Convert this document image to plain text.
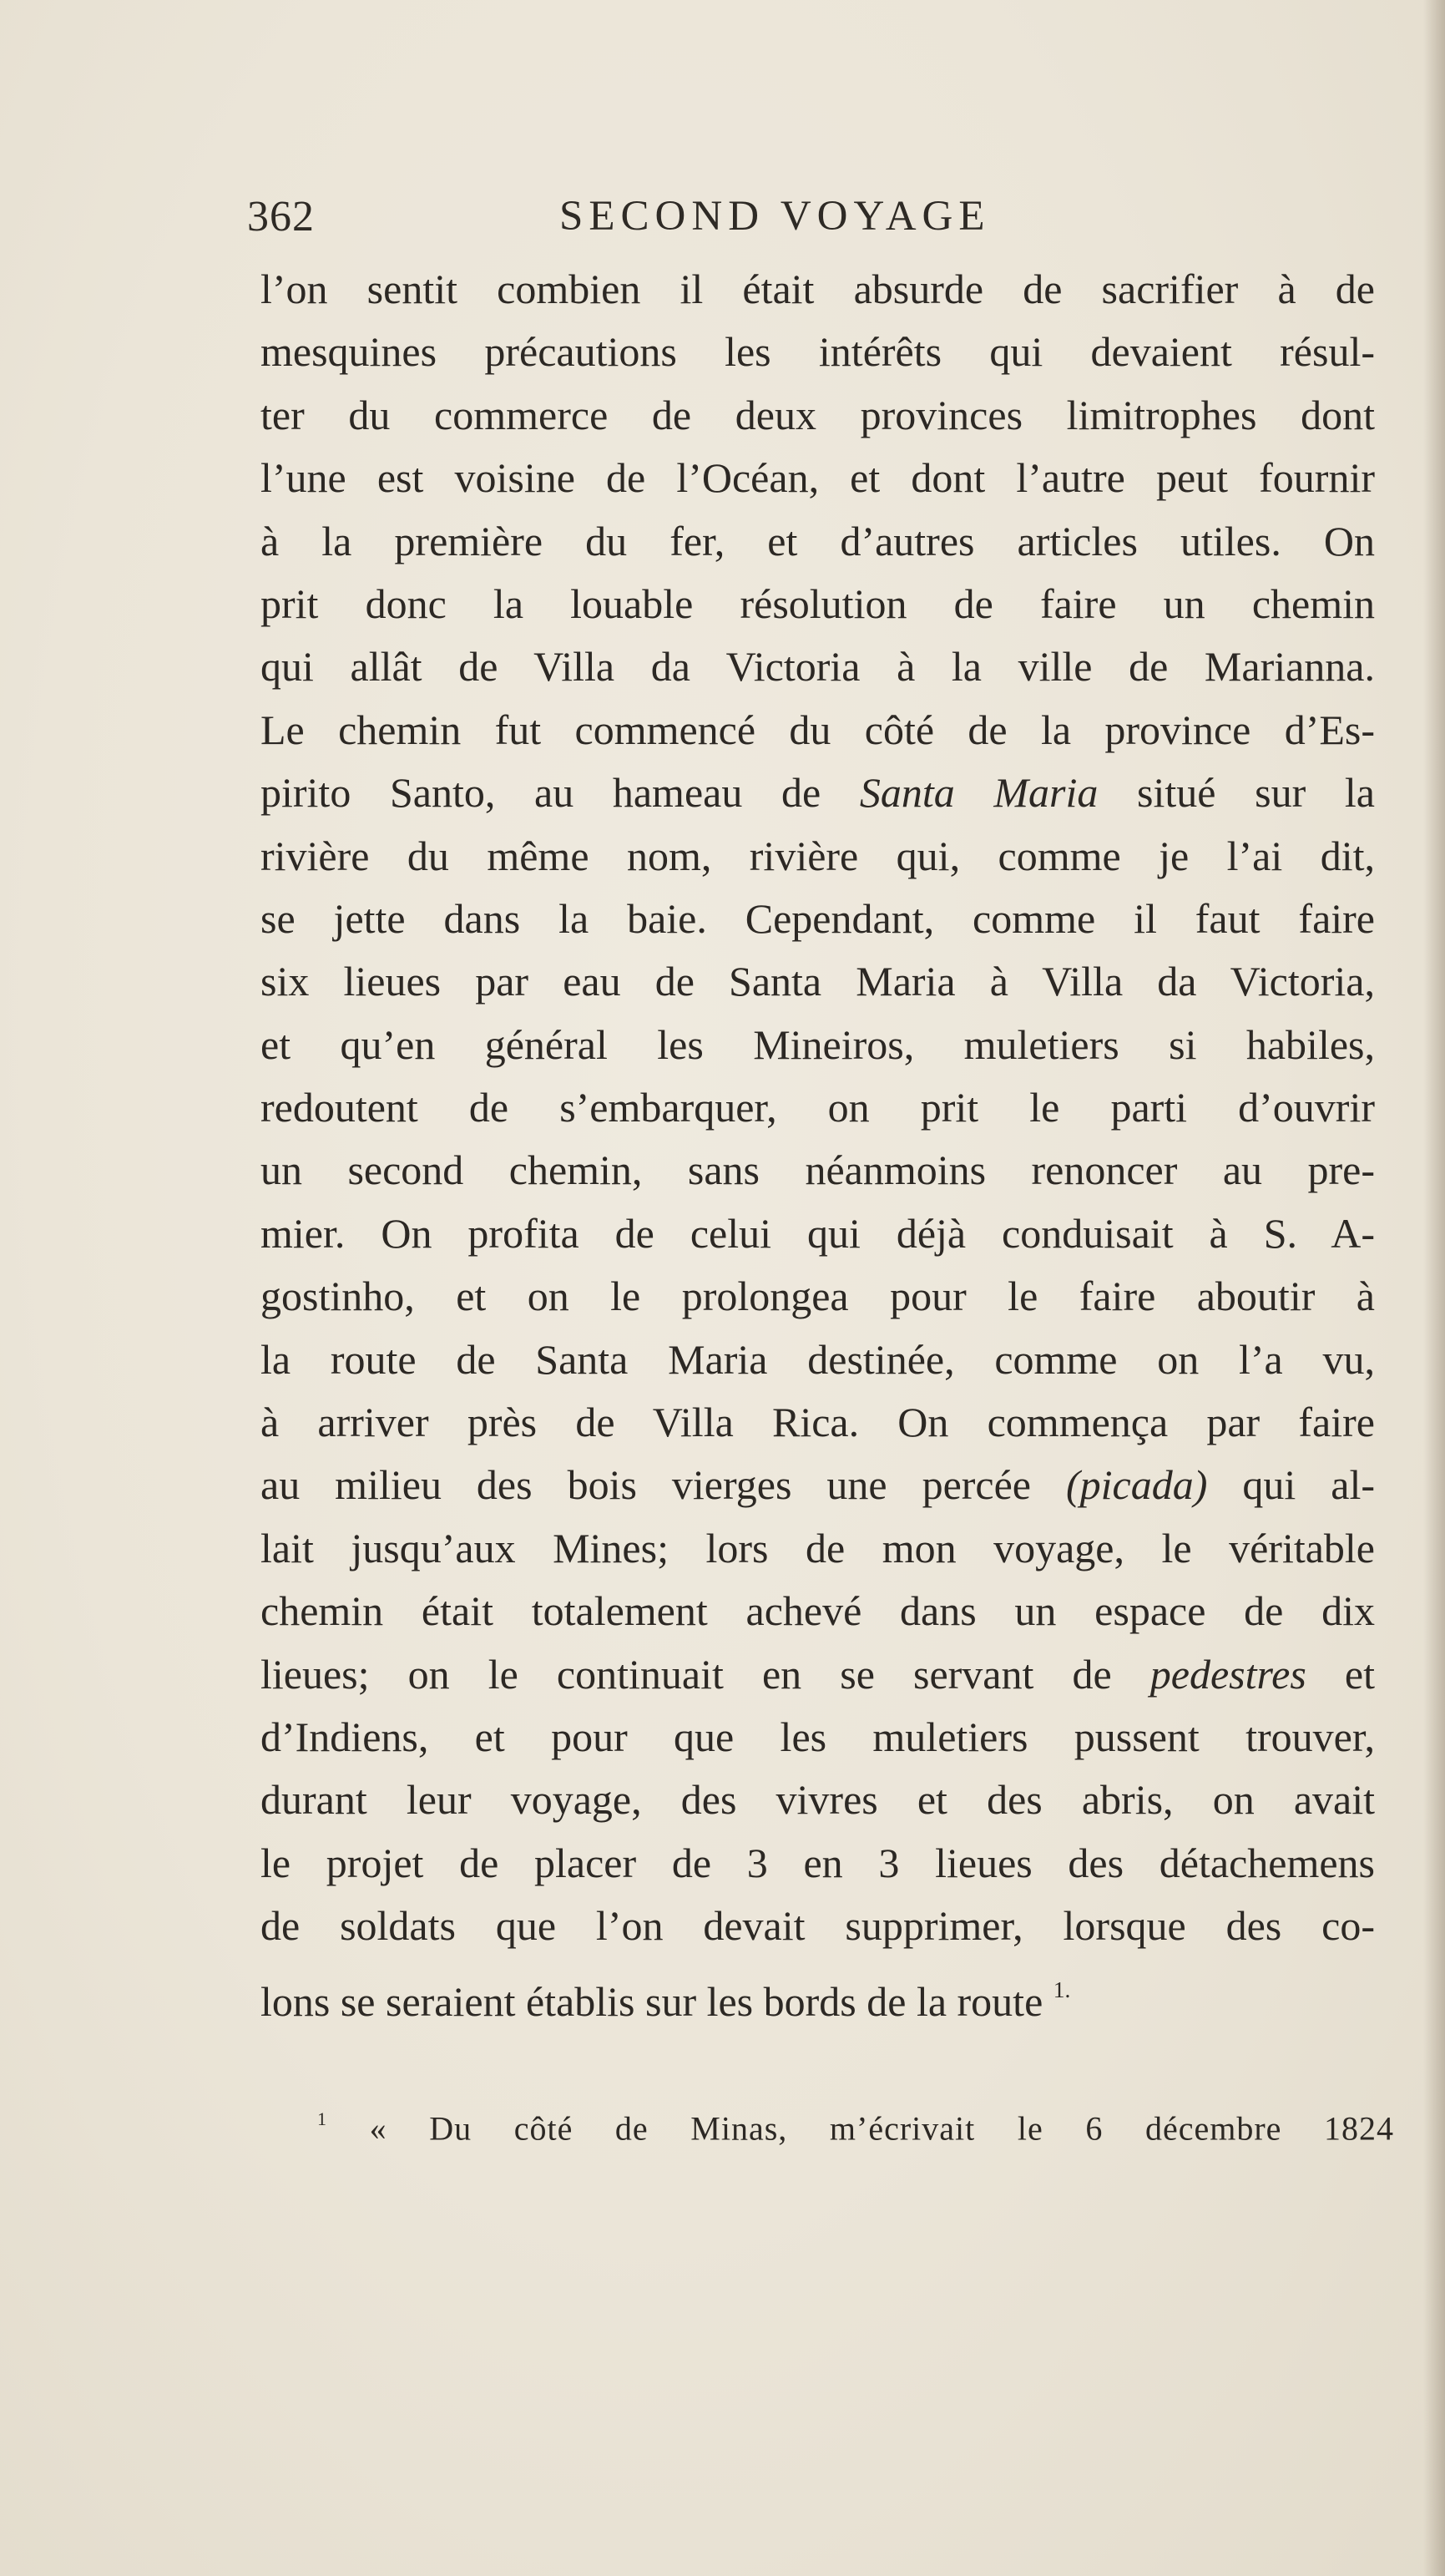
362	SECOND VOYAGE
l’on sentit combien il était absurde de sacrifier à de
mesquines précautions les intérêts qui devaient résul-
ter du commerce de deux provinces limitrophes dont
l’une est voisine de l’Océan, et dont l’autre peut fournir
à la première du fer, et d’autres articles utiles. On
prit donc la louable résolution de faire un chemin
qui allât de Villa da Victoria à la ville de Marianna.
Le chemin fut commencé du côté de la province d’Es-
pirito Santo, au hameau de Santa Maria situé sur la
rivière du même nom, rivière qui, comme je l’ai dit,
se jette dans la baie. Cependant, comme il faut faire
six lieues par eau de Santa Maria à Villa da Victoria,
et qu’en général les Mineiros, muletiers si habiles,
redoutent de s’embarquer, on prit le parti d’ouvrir
un second chemin, sans néanmoins renoncer au pre-
mier. On profita de celui qui déjà conduisait à S. A-
gostinho, et on le prolongea pour le faire aboutir à
la route de Santa Maria destinée, comme on l’a vu,
à arriver près de Villa Rica. On commença par faire
au milieu des bois vierges une percée (picada) qui al-
lait jusqu’aux Mines; lors de mon voyage, le véritable
chemin était totalement achevé dans un espace de dix
lieues; on le continuait en se servant de pedestres et
d’Indiens, et pour que les muletiers pussent trouver,
durant leur voyage, des vivres et des abris, on avait
le projet de placer de 3 en 3 lieues des détachemens
de soldats que l’on devait supprimer, lorsque des co-
lons se seraient établis sur les bords de la route $^{1.}$
$^1$ « Du côté de Minas, m’écrivait le 6 décembre 1824
